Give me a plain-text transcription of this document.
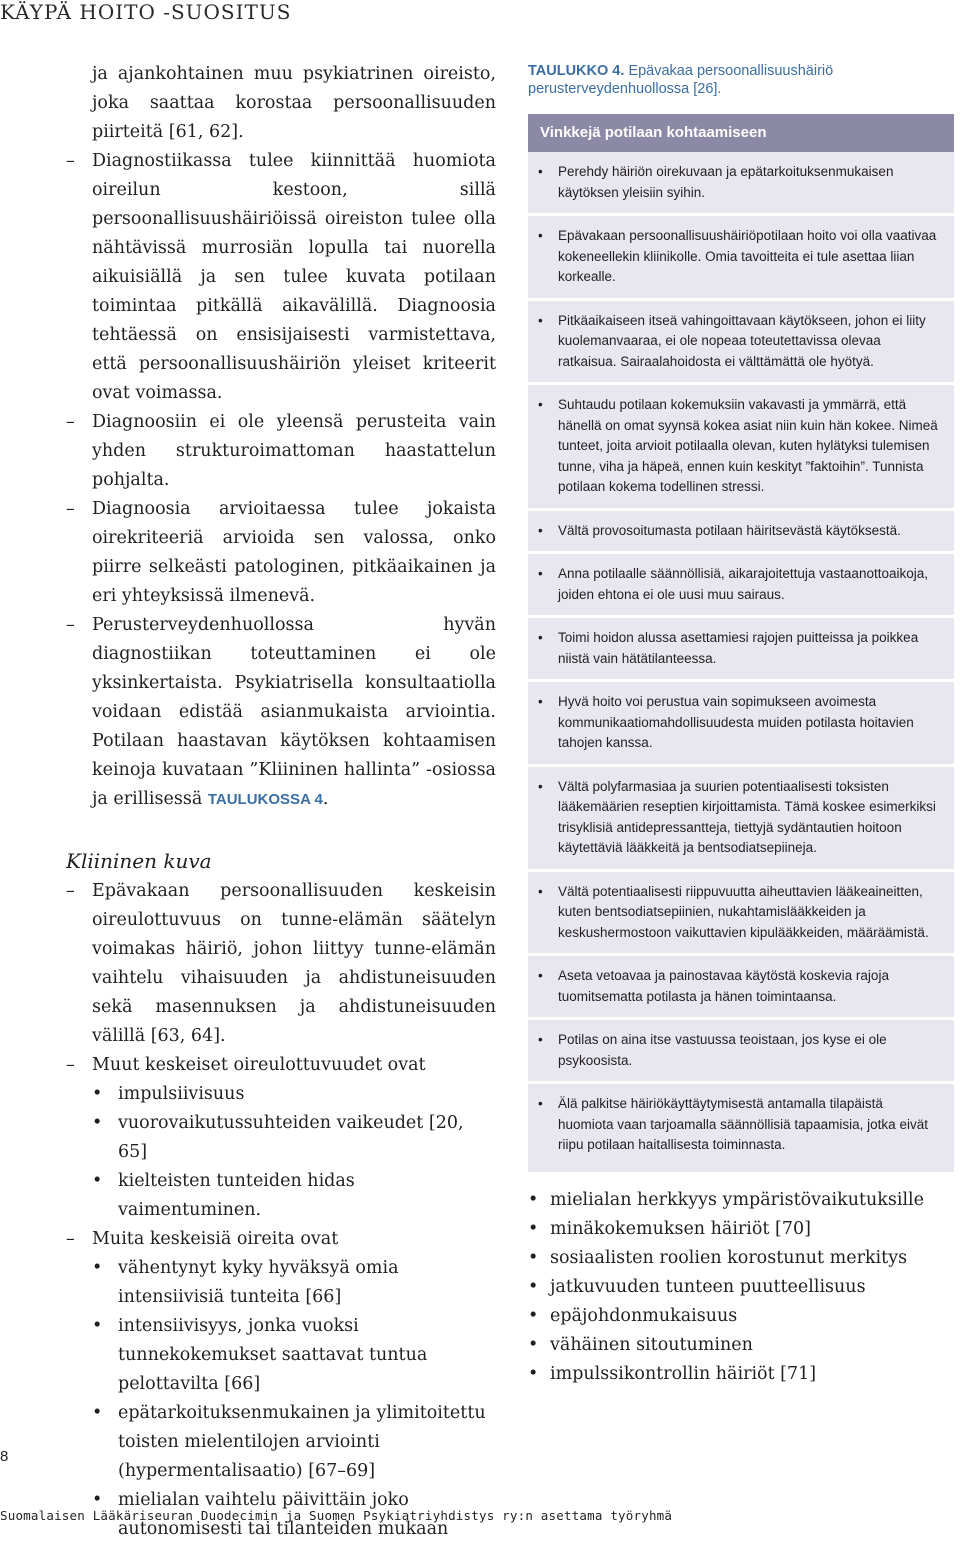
KÄYPÄ HOITO -SUOSITUS

ja ajankohtainen muu psykiatrinen oireisto, joka saattaa korostaa persoonallisuuden piirteitä [61, 62].

– Diagnostiikassa tulee kiinnittää huomiota oireilun kestoon, sillä persoonallisuushäiriöissä oireiston tulee olla nähtävissä murrosiän lopulla tai nuorella aikuisiällä ja sen tulee kuvata potilaan toimintaa pitkällä aikavälillä. Diagnoosia tehtäessä on ensisijaisesti varmistettava, että persoonallisuushäiriön yleiset kriteerit ovat voimassa.
– Diagnoosiin ei ole yleensä perusteita vain yhden strukturoimattoman haastattelun pohjalta.
– Diagnoosia arvioitaessa tulee jokaista oirekriteeriä arvioida sen valossa, onko piirre selkeästi patologinen, pitkäaikainen ja eri yhteyksissä ilmenevä.
– Perusterveydenhuollossa hyvän diagnostiikan toteuttaminen ei ole yksinkertaista. Psykiatrisella konsultaatiolla voidaan edistää asianmukaista arviointia. Potilaan haastavan käytöksen kohtaamisen keinoja kuvataan ”Kliininen hallinta” -osiossa ja erillisessä TAULUKOSSA 4.
Kliininen kuva
– Epävakaan persoonallisuuden keskeisin oireulottuvuus on tunne-elämän säätelyn voimakas häiriö, johon liittyy tunne-elämän vaihtelu vihaisuuden ja ahdistuneisuuden sekä masennuksen ja ahdistuneisuuden välillä [63, 64].
– Muut keskeiset oireulottuvuudet ovat
• impulsiivisuus
• vuorovaikutussuhteiden vaikeudet [20, 65]
• kielteisten tunteiden hidas vaimentuminen.
– Muita keskeisiä oireita ovat
• vähentynyt kyky hyväksyä omia intensiivisiä tunteita [66]
• intensiivisyys, jonka vuoksi tunnekokemukset saattavat tuntua pelottavilta [66]
• epätarkoituksenmukainen ja ylimitoitettu toisten mielentilojen arviointi (hypermentalisaatio) [67–69]
• mielialan vaihtelu päivittäin joko autonomisesti tai tilanteiden mukaan
TAULUKKO 4. Epävakaa persoonallisuushäiriö perusterveydenhuollossa [26].
Vinkkejä potilaan kohtaamiseen
• Perehdy häiriön oirekuvaan ja epätarkoituksenmukaisen käytöksen yleisiin syihin.
• Epävakaan persoonallisuushäiriöpotilaan hoito voi olla vaativaa kokeneellekin kliinikolle. Omia tavoitteita ei tule asettaa liian korkealle.
• Pitkäaikaiseen itseä vahingoittavaan käytökseen, johon ei liity kuolemanvaaraa, ei ole nopeaa toteutettavissa olevaa ratkaisua. Sairaalahoidosta ei välttämättä ole hyötyä.
• Suhtaudu potilaan kokemuksiin vakavasti ja ymmärrä, että hänellä on omat syynsä kokea asiat niin kuin hän kokee. Nimeä tunteet, joita arvioit potilaalla olevan, kuten hylätyksi tulemisen tunne, viha ja häpeä, ennen kuin keskityt ”faktoihin”. Tunnista potilaan kokema todellinen stressi.
• Vältä provosoitumasta potilaan häiritsevästä käytöksestä.
• Anna potilaalle säännöllisiä, aikarajoitettuja vastaanottoaikoja, joiden ehtona ei ole uusi muu sairaus.
• Toimi hoidon alussa asettamiesi rajojen puitteissa ja poikkea niistä vain hätätilanteessa.
• Hyvä hoito voi perustua vain sopimukseen avoimesta kommunikaatiomahdollisuudesta muiden potilasta hoitavien tahojen kanssa.
• Vältä polyfarmasiaa ja suurien potentiaalisesti toksisten lääkemäärien reseptien kirjoittamista. Tämä koskee esimerkiksi trisyklisiä antidepressantteja, tiettyjä sydäntautien hoitoon käytettäviä lääkkeitä ja bentsodiatsepiineja.
• Vältä potentiaalisesti riippuvuutta aiheuttavien lääkeaineitten, kuten bentsodiatsepiinien, nukahtamislääkkeiden ja keskushermostoon vaikuttavien kipulääkkeiden, määräämistä.
• Aseta vetoavaa ja painostavaa käytöstä koskevia rajoja tuomitsematta potilasta ja hänen toimintaansa.
• Potilas on aina itse vastuussa teoistaan, jos kyse ei ole psykoosista.
• Älä palkitse häiriökäyttäytymisestä antamalla tilapäistä huomiota vaan tarjoamalla säännöllisiä tapaamisia, jotka eivät riipu potilaan haitallisesta toiminnasta.
• mielialan herkkyys ympäristövaikutuksille
• minäkokemuksen häiriöt [70]
• sosiaalisten roolien korostunut merkitys
• jatkuvuuden tunteen puutteellisuus
• epäjohdonmukaisuus
• vähäinen sitoutuminen
• impulssikontrollin häiriöt [71]
8
Suomalaisen Lääkäriseuran Duodecimin ja Suomen Psykiatriyhdistys ry:n asettama työryhmä
